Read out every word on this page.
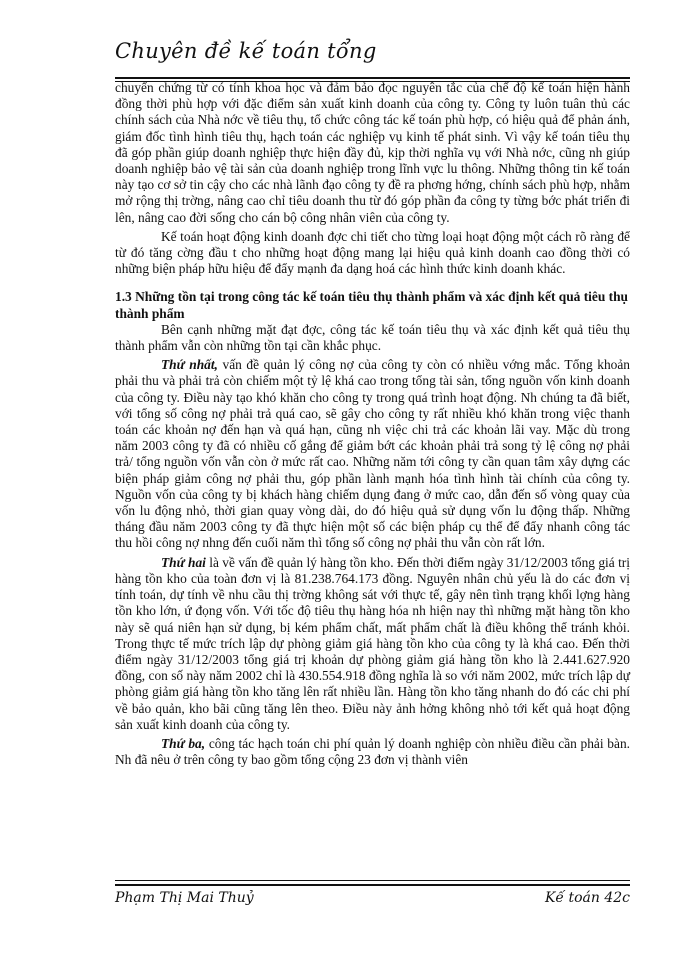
Chuyên đề kế toán tổng

chuyển chứng từ có tính khoa học và đảm bảo đọc nguyên tắc của chế độ kế toán hiện hành đồng thời phù hợp với đặc điểm sản xuất kinh doanh của công ty. Công ty luôn tuân thủ các chính sách của Nhà nớc về tiêu thụ, tổ chức công tác kế toán phù hợp, có hiệu quả để phản ánh, giám đốc tình hình tiêu thụ, hạch toán các nghiệp vụ kinh tế phát sinh. Vì vậy kế toán tiêu thụ đã góp phần giúp doanh nghiệp thực hiện đầy đủ, kịp thời nghĩa vụ với Nhà nớc, cũng nh giúp doanh nghiệp bảo vệ tài sản của doanh nghiệp trong lĩnh vực lu thông. Những thông tin kế toán này tạo cơ sở tin cậy cho các nhà lãnh đạo công ty đề ra phơng hớng, chính sách phù hợp, nhằm mở rộng thị trờng, nâng cao chỉ tiêu doanh thu từ đó góp phần đa công ty từng bớc phát triển đi lên, nâng cao đời sống cho cán bộ công nhân viên của công ty.

Kế toán hoạt động kinh doanh đợc chi tiết cho từng loại hoạt động một cách rõ ràng để từ đó tăng cờng đầu t cho những hoạt động mang lại hiệu quả kinh doanh cao đồng thời có những biện pháp hữu hiệu để đẩy mạnh đa dạng hoá các hình thức kinh doanh khác.

1.3 Những tồn tại trong công tác kế toán tiêu thụ thành phẩm và xác định kết quả tiêu thụ thành phẩm

Bên cạnh những mặt đạt đợc, công tác kế toán tiêu thụ và xác định kết quả tiêu thụ thành phẩm vẫn còn những tồn tại cần khắc phục.

Thứ nhất, vấn đề quản lý công nợ của công ty còn có nhiều vớng mắc. Tổng khoản phải thu và phải trả còn chiếm một tỷ lệ khá cao trong tổng tài sản, tổng nguồn vốn kinh doanh của công ty. Điều này tạo khó khăn cho công ty trong quá trình hoạt động. Nh chúng ta đã biết, với tổng số công nợ phải trả quá cao, sẽ gây cho công ty rất nhiều khó khăn trong việc thanh toán các khoản nợ đến hạn và quá hạn, cũng nh việc chi trả các khoản lãi vay. Mặc dù trong năm 2003 công ty đã có nhiều cố gắng để giảm bớt các khoản phải trả song tỷ lệ công nợ phải trả/ tổng nguồn vốn vẫn còn ở mức rất cao. Những năm tới công ty cần quan tâm xây dựng các biện pháp giảm công nợ phải thu, góp phần lành mạnh hóa tình hình tài chính của công ty. Nguồn vốn của công ty bị khách hàng chiếm dụng đang ở mức cao, dẫn đến số vòng quay của vốn lu động nhỏ, thời gian quay vòng dài, do đó hiệu quả sử dụng vốn lu động thấp. Những tháng đầu năm 2003 công ty đã thực hiện một số các biện pháp cụ thể để đẩy nhanh công tác thu hồi công nợ nhng đến cuối năm thì tổng số công nợ phải thu vẫn còn rất lớn.

Thứ hai là về vấn đề quản lý hàng tồn kho. Đến thời điểm ngày 31/12/2003 tổng giá trị hàng tồn kho của toàn đơn vị là 81.238.764.173 đồng. Nguyên nhân chủ yếu là do các đơn vị tính toán, dự tính về nhu cầu thị trờng không sát với thực tế, gây nên tình trạng khối lợng hàng tồn kho lớn, ứ đọng vốn. Với tốc độ tiêu thụ hàng hóa nh hiện nay thì những mặt hàng tồn kho này sẽ quá niên hạn sử dụng, bị kém phẩm chất, mất phẩm chất là điều không thể tránh khỏi. Trong thực tế mức trích lập dự phòng giảm giá hàng tồn kho của công ty là khá cao. Đến thời điểm ngày 31/12/2003 tổng giá trị khoản dự phòng giảm giá hàng tồn kho là 2.441.627.920 đồng, con số này năm 2002 chỉ là 430.554.918 đồng nghĩa là so với năm 2002, mức trích lập dự phòng giảm giá hàng tồn kho tăng lên rất nhiều lần. Hàng tồn kho tăng nhanh do đó các chi phí về bảo quản, kho bãi cũng tăng lên theo. Điều này ảnh hởng không nhỏ tới kết quả hoạt động sản xuất kinh doanh của công ty.

Thứ ba, công tác hạch toán chi phí quản lý doanh nghiệp còn nhiều điều cần phải bàn. Nh đã nêu ở trên công ty bao gồm tổng cộng 23 đơn vị thành viên

Phạm Thị Mai Thuỷ	Kế toán 42c
